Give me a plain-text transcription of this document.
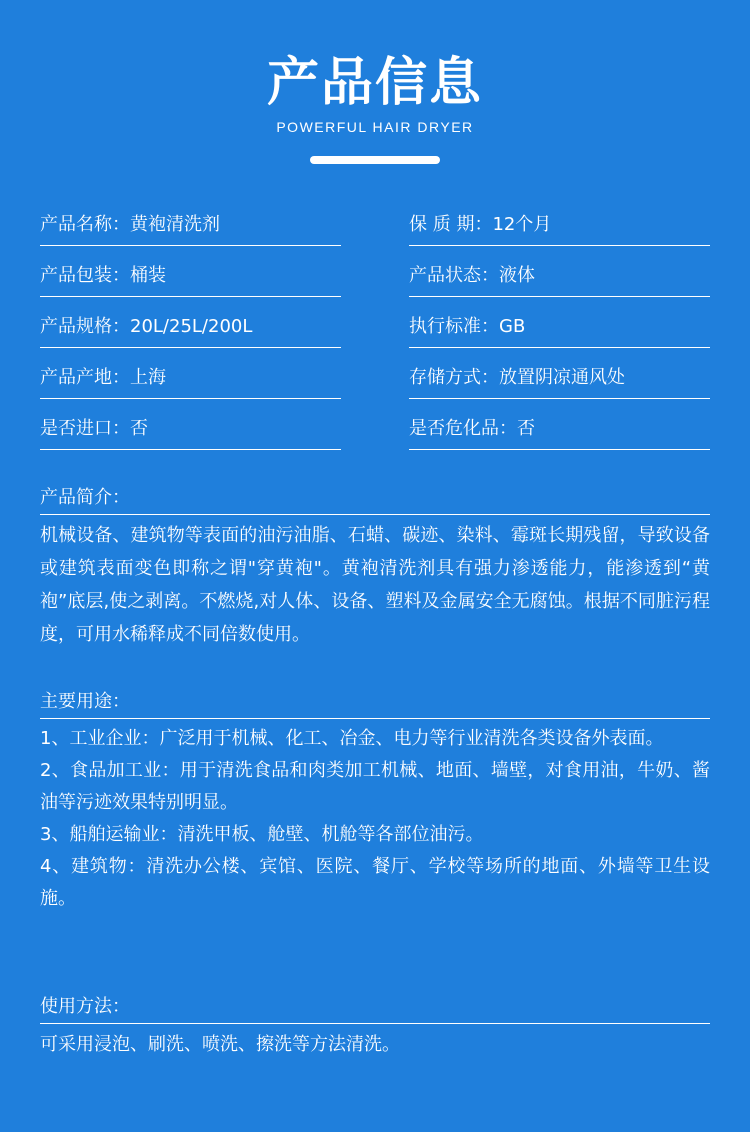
产品信息
POWERFUL HAIR DRYER
产品名称：黄袍清洗剂	保 质 期：12个月
产品包装：桶装	产品状态：液体
产品规格：20L/25L/200L	执行标准：GB
产品产地：上海	存储方式：放置阴凉通风处
是否进口：否	是否危化品：否
产品简介：
机械设备、建筑物等表面的油污油脂、石蜡、碳迹、染料、霉斑长期残留，导致设备或建筑表面变色即称之谓"穿黄袍"。黄袍清洗剂具有强力渗透能力，能渗透到“黄袍”底层,使之剥离。不燃烧,对人体、设备、塑料及金属安全无腐蚀。根据不同脏污程度，可用水稀释成不同倍数使用。
主要用途：
1、工业企业：广泛用于机械、化工、冶金、电力等行业清洗各类设备外表面。
2、食品加工业：用于清洗食品和肉类加工机械、地面、墙壁，对食用油，牛奶、酱油等污迹效果特别明显。
3、船舶运输业：清洗甲板、舱壁、机舱等各部位油污。
4、建筑物：清洗办公楼、宾馆、医院、餐厅、学校等场所的地面、外墙等卫生设施。
使用方法：
可采用浸泡、刷洗、喷洗、擦洗等方法清洗。
